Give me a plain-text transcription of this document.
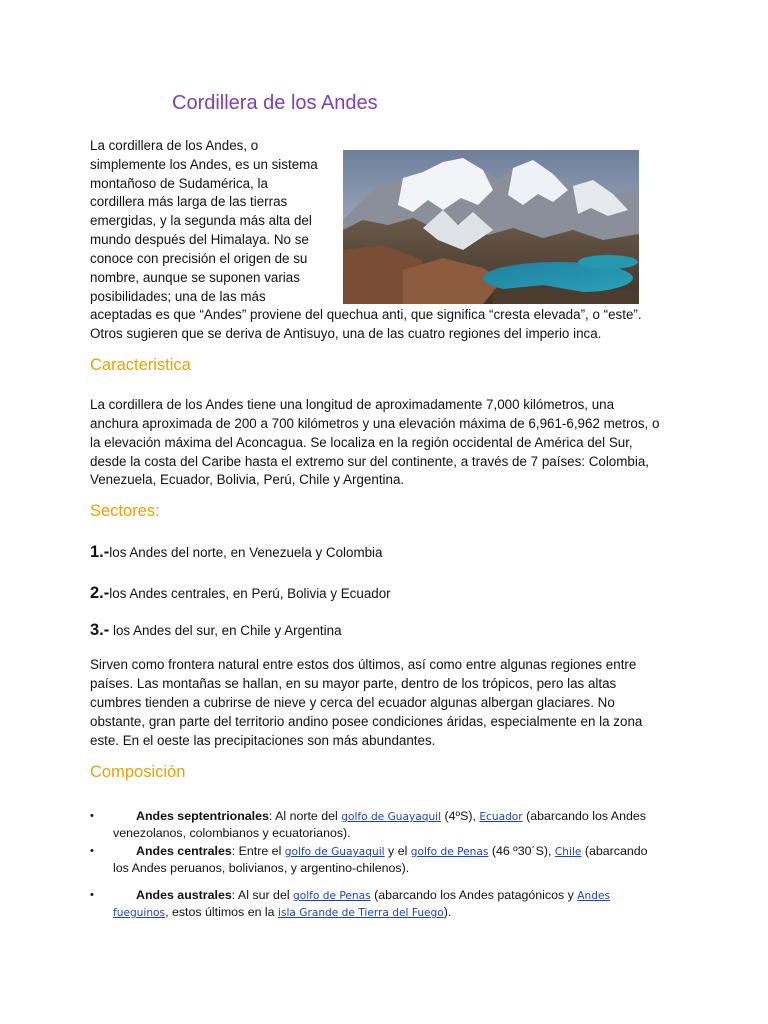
Cordillera de los Andes

La cordillera de los Andes, o

simplemente los Andes, es un sistema

montañoso de Sudamérica, la

cordillera más larga de las tierras

emergidas, y la segunda más alta del

mundo después del Himalaya. No se

conoce con precisión el origen de su

nombre, aunque se suponen varias

posibilidades; una de las más

aceptadas es que “Andes” proviene del quechua anti, que significa “cresta elevada”, o “este”.

Otros sugieren que se deriva de Antisuyo, una de las cuatro regiones del imperio inca.

Caracteristica

La cordillera de los Andes tiene una longitud de aproximadamente 7,000 kilómetros, una

anchura aproximada de 200 a 700 kilómetros y una elevación máxima de 6,961-6,962 metros, o

la elevación máxima del Aconcagua. Se localiza en la región occidental de América del Sur,

desde la costa del Caribe hasta el extremo sur del continente, a través de 7 países: Colombia,

Venezuela, Ecuador, Bolivia, Perú, Chile y Argentina.

Sectores:

1.-los Andes del norte, en Venezuela y Colombia

2.-los Andes centrales, en Perú, Bolivia y Ecuador

3.- los Andes del sur, en Chile y Argentina

Sirven como frontera natural entre estos dos últimos, así como entre algunas regiones entre

países. Las montañas se hallan, en su mayor parte, dentro de los trópicos, pero las altas

cumbres tienden a cubrirse de nieve y cerca del ecuador algunas albergan glaciares. No

obstante, gran parte del territorio andino posee condiciones áridas, especialmente en la zona

este. En el oeste las precipitaciones son más abundantes.

Composición
•	Andes septentrionales: Al norte del golfo de Guayaquil (4ºS), Ecuador (abarcando los Andes
venezolanos, colombianos y ecuatorianos).
•	Andes centrales: Entre el golfo de Guayaquil y el golfo de Penas (46 º30´S), Chile (abarcando
los Andes peruanos, bolivianos, y argentino-chilenos).
•	Andes australes: Al sur del golfo de Penas (abarcando los Andes patagónicos y Andes
fueguinos, estos últimos en la isla Grande de Tierra del Fuego).
